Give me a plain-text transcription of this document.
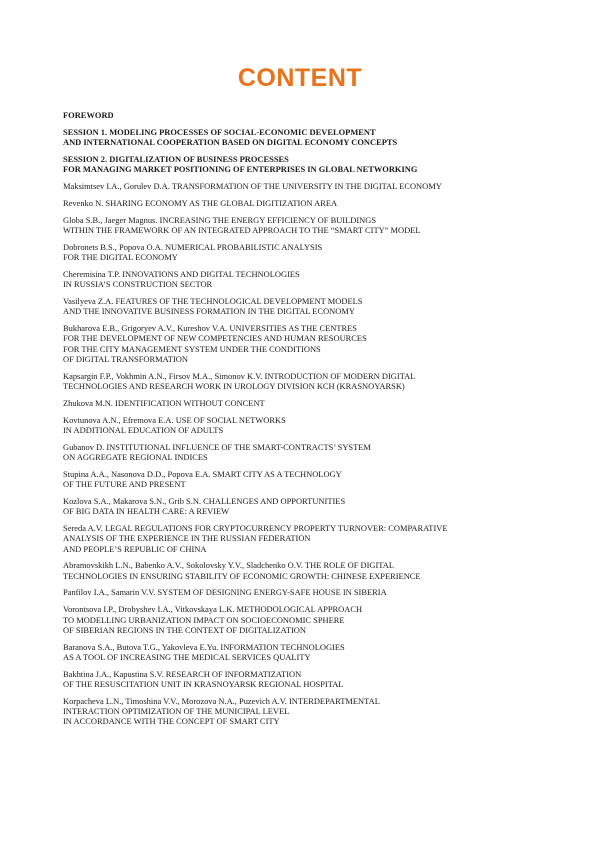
CONTENT
FOREWORD
SESSION 1. MODELING PROCESSES OF SOCIAL-ECONOMIC DEVELOPMENT
AND INTERNATIONAL COOPERATION BASED ON DIGITAL ECONOMY CONCEPTS
SESSION 2. DIGITALIZATION OF BUSINESS PROCESSES
FOR MANAGING MARKET POSITIONING OF ENTERPRISES IN GLOBAL NETWORKING
Maksimtsev I.A., Gorulev D.A. TRANSFORMATION OF THE UNIVERSITY IN THE DIGITAL ECONOMY
Revenko N. SHARING ECONOMY AS THE GLOBAL DIGITIZATION AREA
Globa S.B., Jaeger Magnus. INCREASING THE ENERGY EFFICIENCY OF BUILDINGS
WITHIN THE FRAMEWORK OF AN INTEGRATED APPROACH TO THE “SMART CITY” MODEL
Dobronets B.S., Popova O.A. NUMERICAL PROBABILISTIC ANALYSIS
FOR THE DIGITAL ECONOMY
Cheremisina T.P. INNOVATIONS AND DIGITAL TECHNOLOGIES
IN RUSSIA’S CONSTRUCTION SECTOR
Vasilyeva Z.A. FEATURES OF THE TECHNOLOGICAL DEVELOPMENT MODELS
AND THE INNOVATIVE BUSINESS FORMATION IN THE DIGITAL ECONOMY
Bukharova E.B., Grigoryev A.V., Kureshov V.A. UNIVERSITIES AS THE CENTRES
FOR THE DEVELOPMENT OF NEW COMPETENCIES AND HUMAN RESOURCES
FOR THE CITY MANAGEMENT SYSTEM UNDER THE CONDITIONS
OF DIGITAL TRANSFORMATION
Kapsargin F.P., Vokhmin A.N., Firsov M.A., Simonov K.V. INTRODUCTION OF MODERN DIGITAL
TECHNOLOGIES AND RESEARCH WORK IN UROLOGY DIVISION KCH (KRASNOYARSK)
Zhukova M.N. IDENTIFICATION WITHOUT CONCENT
Kovtunova A.N., Efremova E.A. USE OF SOCIAL NETWORKS
IN ADDITIONAL EDUCATION OF ADULTS
Gubanov D. INSTITUTIONAL INFLUENCE OF THE SMART-CONTRACTS’ SYSTEM
ON AGGREGATE REGIONAL INDICES
Stupina A.A., Nasonova D.D., Popova E.A. SMART CITY AS A TECHNOLOGY
OF THE FUTURE AND PRESENT
Kozlova S.A., Makarova S.N., Grib S.N. CHALLENGES AND OPPORTUNITIES
OF BIG DATA IN HEALTH CARE: A REVIEW
Sereda A.V. LEGAL REGULATIONS FOR CRYPTOCURRENCY PROPERTY TURNOVER: COMPARATIVE
ANALYSIS OF THE EXPERIENCE IN THE RUSSIAN FEDERATION
AND PEOPLE’S REPUBLIC OF CHINA
Abramovskikh L.N., Babenko A.V., Sokolovsky Y.V., Sladchenko O.V. THE ROLE OF DIGITAL
TECHNOLOGIES IN ENSURING STABILITY OF ECONOMIC GROWTH: CHINESE EXPERIENCE
Panfilov I.A., Samarin V.V. SYSTEM OF DESIGNING ENERGY-SAFE HOUSE IN SIBERIA
Vorontsova I.P., Drobyshev I.A., Vitkovskaya L.K. METHODOLOGICAL APPROACH
TO MODELLING URBANIZATION IMPACT ON SOCIOECONOMIC SPHERE
OF SIBERIAN REGIONS IN THE CONTEXT OF DIGITALIZATION
Baranova S.A., Butova T.G., Yakovleva E.Yu. INFORMATION TECHNOLOGIES
AS A TOOL OF INCREASING THE MEDICAL SERVICES QUALITY
Bakhtina J.A., Kapustina S.V. RESEARCH OF INFORMATIZATION
OF THE RESUSCITATION UNIT IN KRASNOYARSK REGIONAL HOSPITAL
Korpacheva L.N., Timoshina V.V., Morozova N.A., Puzevich A.V. INTERDEPARTMENTAL
INTERACTION OPTIMIZATION OF THE MUNICIPAL LEVEL
IN ACCORDANCE WITH THE CONCEPT OF SMART CITY
